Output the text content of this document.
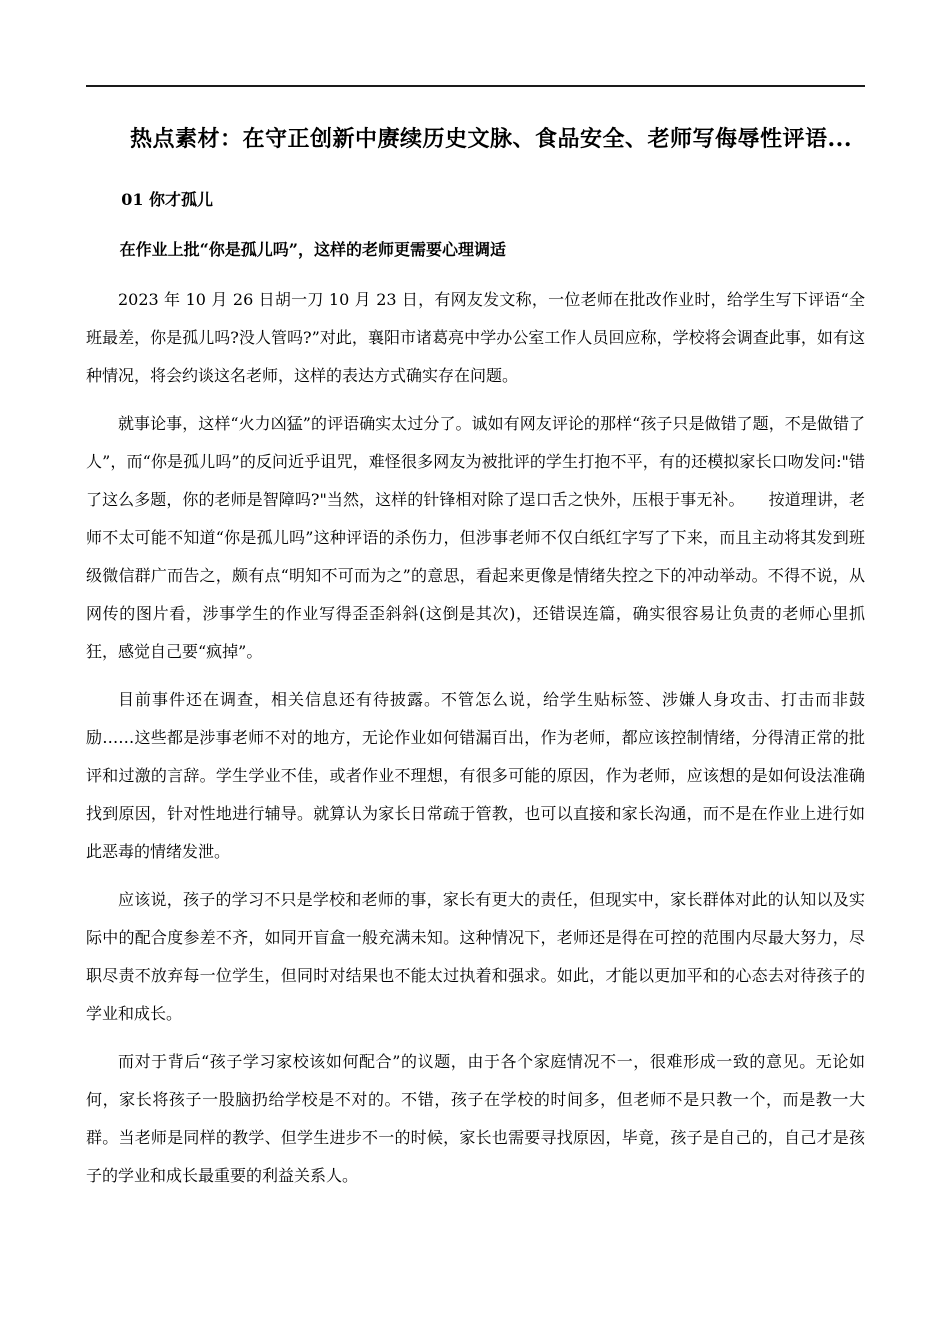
热点素材：在守正创新中赓续历史文脉、食品安全、老师写侮辱性评语...
01 你才孤儿
在作业上批“你是孤儿吗”，这样的老师更需要心理调适

2023 年 10 月 26 日胡一刀 10 月 23 日，有网友发文称，一位老师在批改作业时，给学生写下评语“全班最差，你是孤儿吗?没人管吗?”对此，襄阳市诸葛亮中学办公室工作人员回应称，学校将会调查此事，如有这种情况，将会约谈这名老师，这样的表达方式确实存在问题。

就事论事，这样“火力凶猛”的评语确实太过分了。诚如有网友评论的那样“孩子只是做错了题，不是做错了人”，而“你是孤儿吗”的反问近乎诅咒，难怪很多网友为被批评的学生打抱不平，有的还模拟家长口吻发问:"错了这么多题，你的老师是智障吗?"当然，这样的针锋相对除了逞口舌之快外，压根于事无补。　　按道理讲，老师不太可能不知道“你是孤儿吗”这种评语的杀伤力，但涉事老师不仅白纸红字写了下来，而且主动将其发到班级微信群广而告之，颇有点“明知不可而为之”的意思，看起来更像是情绪失控之下的冲动举动。不得不说，从网传的图片看，涉事学生的作业写得歪歪斜斜(这倒是其次)，还错误连篇，确实很容易让负责的老师心里抓狂，感觉自己要“疯掉”。

目前事件还在调查，相关信息还有待披露。不管怎么说，给学生贴标签、涉嫌人身攻击、打击而非鼓励……这些都是涉事老师不对的地方，无论作业如何错漏百出，作为老师，都应该控制情绪，分得清正常的批评和过激的言辞。学生学业不佳，或者作业不理想，有很多可能的原因，作为老师，应该想的是如何设法准确找到原因，针对性地进行辅导。就算认为家长日常疏于管教，也可以直接和家长沟通，而不是在作业上进行如此恶毒的情绪发泄。

应该说，孩子的学习不只是学校和老师的事，家长有更大的责任，但现实中，家长群体对此的认知以及实际中的配合度参差不齐，如同开盲盒一般充满未知。这种情况下，老师还是得在可控的范围内尽最大努力，尽职尽责不放弃每一位学生，但同时对结果也不能太过执着和强求。如此，才能以更加平和的心态去对待孩子的学业和成长。

而对于背后“孩子学习家校该如何配合”的议题，由于各个家庭情况不一，很难形成一致的意见。无论如何，家长将孩子一股脑扔给学校是不对的。不错，孩子在学校的时间多，但老师不是只教一个，而是教一大群。当老师是同样的教学、但学生进步不一的时候，家长也需要寻找原因，毕竟，孩子是自己的，自己才是孩子的学业和成长最重要的利益关系人。
